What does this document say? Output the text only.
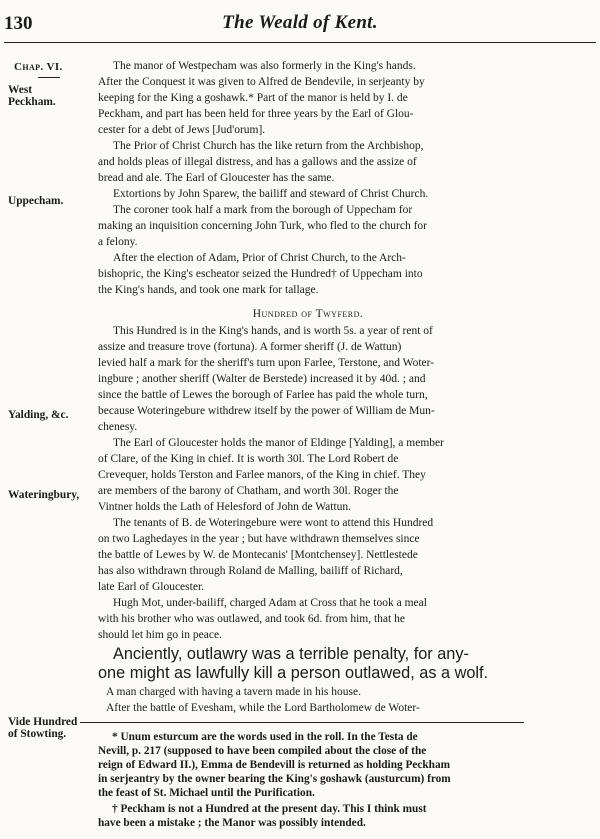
130	The Weald of Kent.
Chap. VI.
West Peckham.
Uppecham.
Yalding, &c.
Wateringbury,
Vide Hundred of Stowting.
The manor of Westpecham was also formerly in the King's hands.
After the Conquest it was given to Alfred de Bendevile, in serjeanty by
keeping for the King a goshawk.* Part of the manor is held by I. de
Peckham, and part has been held for three years by the Earl of Glou-
cester for a debt of Jews [Jud'orum].
The Prior of Christ Church has the like return from the Archbishop,
and holds pleas of illegal distress, and has a gallows and the assize of
bread and ale. The Earl of Gloucester has the same.
Extortions by John Sparew, the bailiff and steward of Christ Church.
The coroner took half a mark from the borough of Uppecham for
making an inquisition concerning John Turk, who fled to the church for
a felony.
After the election of Adam, Prior of Christ Church, to the Arch-
bishopric, the King's escheator seized the Hundred† of Uppecham into
the King's hands, and took one mark for tallage.
Hundred of Twyferd.
This Hundred is in the King's hands, and is worth 5s. a year of rent of
assize and treasure trove (fortuna). A former sheriff (J. de Wattun)
levied half a mark for the sheriff's turn upon Farlee, Terstone, and Woter-
ingbure ; another sheriff (Walter de Berstede) increased it by 40d. ; and
since the battle of Lewes the borough of Farlee has paid the whole turn,
because Woteringebure withdrew itself by the power of William de Mun-
chenesy.
The Earl of Gloucester holds the manor of Eldinge [Yalding], a member
of Clare, of the King in chief. It is worth 30l. The Lord Robert de
Crevequer, holds Terston and Farlee manors, of the King in chief. They
are members of the barony of Chatham, and worth 30l. Roger the
Vintner holds the Lath of Helesford of John de Wattun.
The tenants of B. de Woteringebure were wont to attend this Hundred
on two Laghedayes in the year ; but have withdrawn themselves since
the battle of Lewes by W. de Montecanis' [Montchensey]. Nettlestede
has also withdrawn through Roland de Malling, bailiff of Richard,
late Earl of Gloucester.
Hugh Mot, under-bailiff, charged Adam at Cross that he took a meal
with his brother who was outlawed, and took 6d. from him, that he
should let him go in peace.
Anciently, outlawry was a terrible penalty, for any-
one might as lawfully kill a person outlawed, as a wolf.
A man charged with having a tavern made in his house.
After the battle of Evesham, while the Lord Bartholomew de Woter-
* Unum esturcum are the words used in the roll. In the Testa de
Nevill, p. 217 (supposed to have been compiled about the close of the
reign of Edward II.), Emma de Bendevill is returned as holding Peckham
in serjeantry by the owner bearing the King's goshawk (austurcum) from
the feast of St. Michael until the Purification.
† Peckham is not a Hundred at the present day. This I think must
have been a mistake ; the Manor was possibly intended.
